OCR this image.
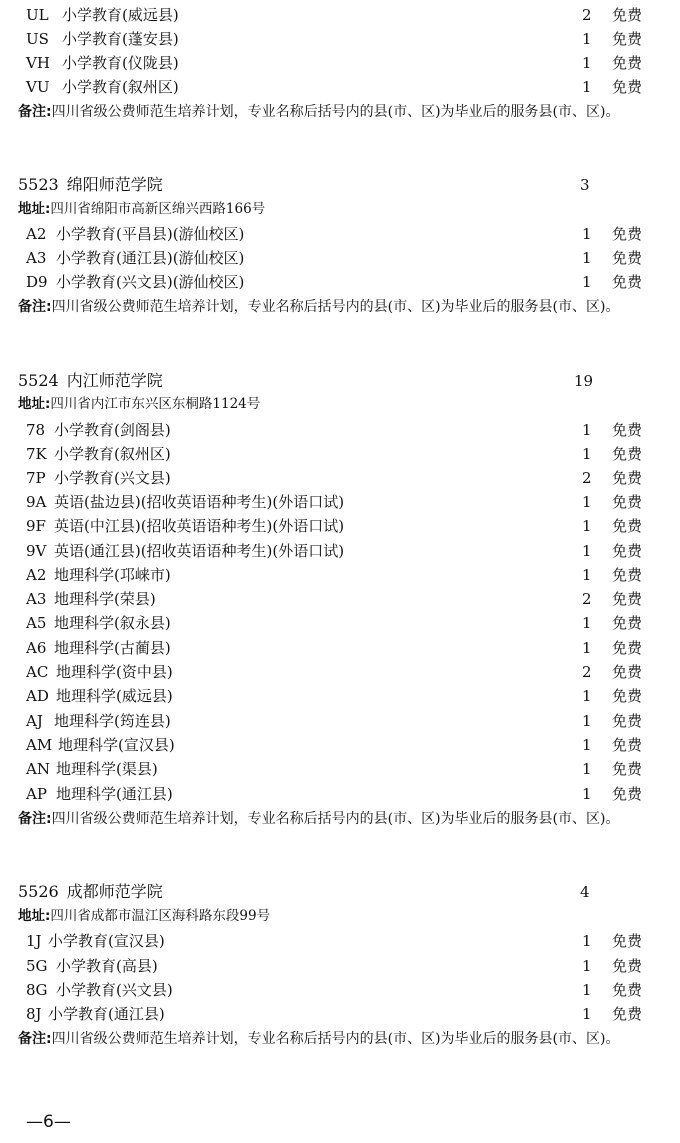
UL 小学教育(威远县)	2 免费
US 小学教育(蓬安县)	1 免费
VH 小学教育(仪陇县)	1 免费
VU 小学教育(叙州区)	1 免费
备注:四川省级公费师范生培养计划，专业名称后括号内的县(市、区)为毕业后的服务县(市、区)。
5523 绵阳师范学院	3
地址:四川省绵阳市高新区绵兴西路166号
A2 小学教育(平昌县)(游仙校区)	1 免费
A3 小学教育(通江县)(游仙校区)	1 免费
D9 小学教育(兴文县)(游仙校区)	1 免费
备注:四川省级公费师范生培养计划，专业名称后括号内的县(市、区)为毕业后的服务县(市、区)。
5524 内江师范学院	19
地址:四川省内江市东兴区东桐路1124号
78 小学教育(剑阁县)	1 免费
7K 小学教育(叙州区)	1 免费
7P 小学教育(兴文县)	2 免费
9A 英语(盐边县)(招收英语语种考生)(外语口试)	1 免费
9F 英语(中江县)(招收英语语种考生)(外语口试)	1 免费
9V 英语(通江县)(招收英语语种考生)(外语口试)	1 免费
A2 地理科学(邛崃市)	1 免费
A3 地理科学(荣县)	2 免费
A5 地理科学(叙永县)	1 免费
A6 地理科学(古蔺县)	1 免费
AC 地理科学(资中县)	2 免费
AD 地理科学(威远县)	1 免费
AJ 地理科学(筠连县)	1 免费
AM 地理科学(宣汉县)	1 免费
AN 地理科学(渠县)	1 免费
AP 地理科学(通江县)	1 免费
备注:四川省级公费师范生培养计划，专业名称后括号内的县(市、区)为毕业后的服务县(市、区)。
5526 成都师范学院	4
地址:四川省成都市温江区海科路东段99号
1J 小学教育(宣汉县)	1 免费
5G 小学教育(高县)	1 免费
8G 小学教育(兴文县)	1 免费
8J 小学教育(通江县)	1 免费
备注:四川省级公费师范生培养计划，专业名称后括号内的县(市、区)为毕业后的服务县(市、区)。
—6—
